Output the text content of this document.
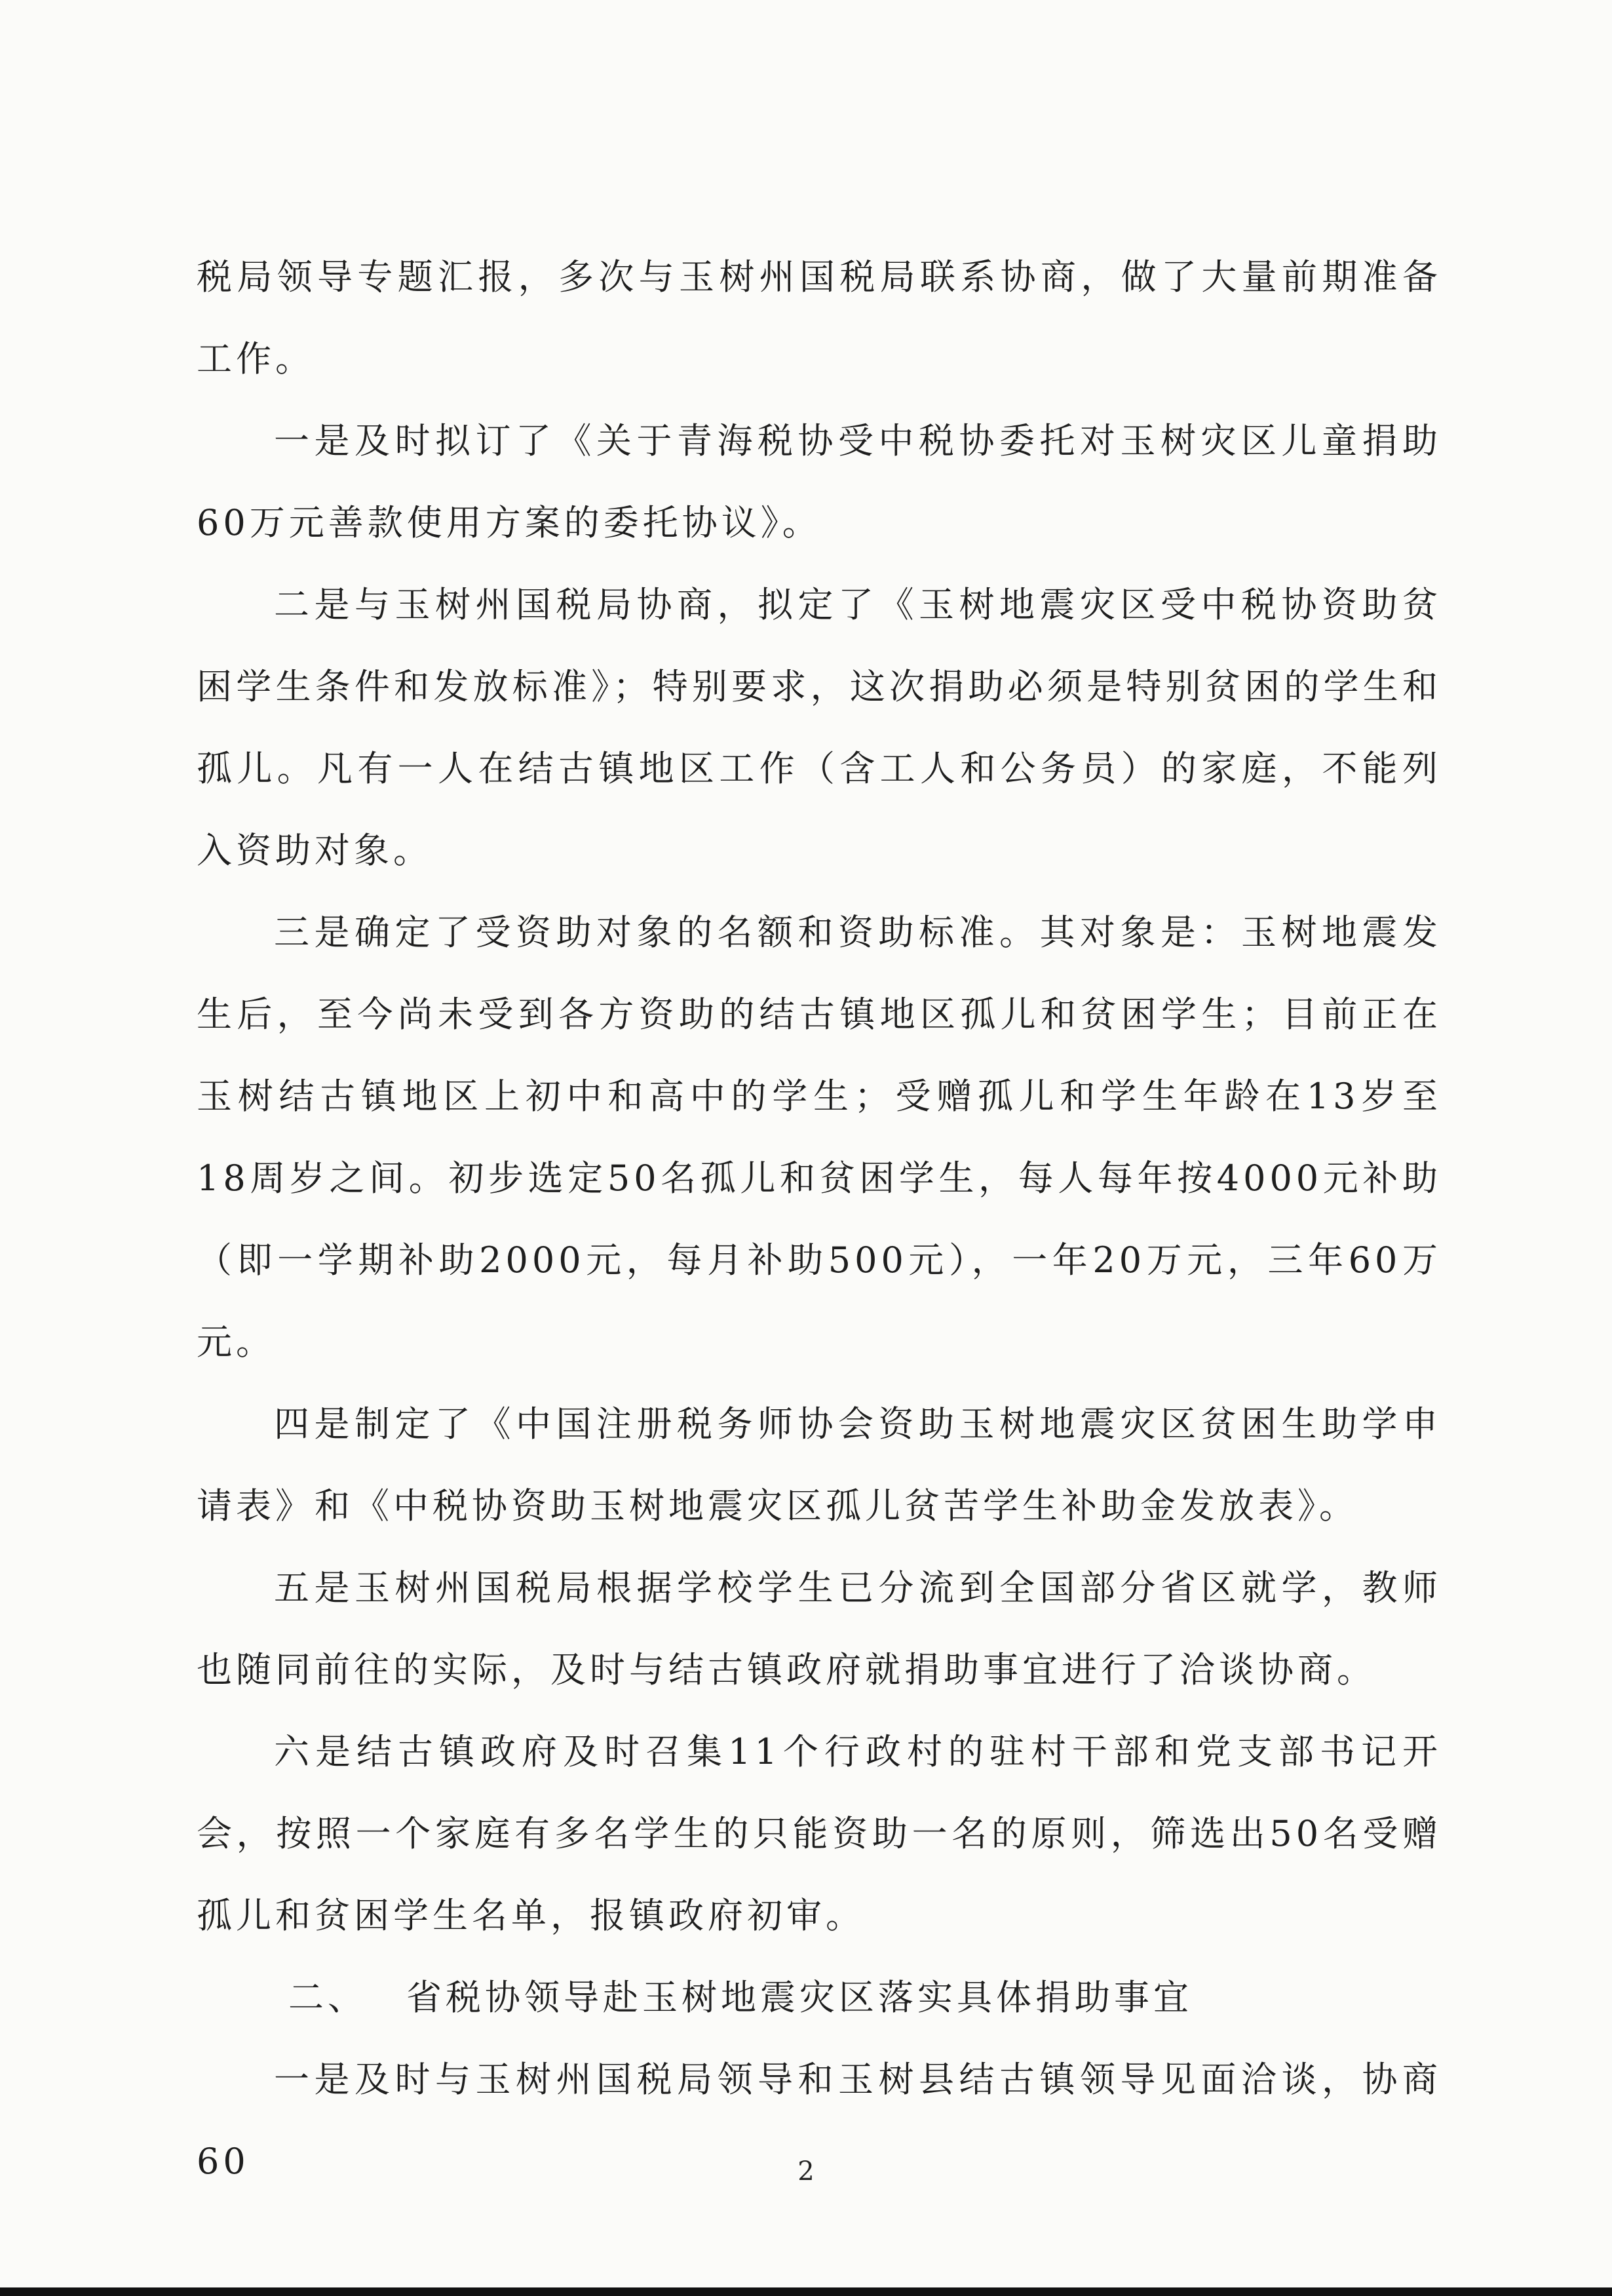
税局领导专题汇报，多次与玉树州国税局联系协商，做了大量前期准备工作。

一是及时拟订了《关于青海税协受中税协委托对玉树灾区儿童捐助60万元善款使用方案的委托协议》。

二是与玉树州国税局协商，拟定了《玉树地震灾区受中税协资助贫困学生条件和发放标准》；特别要求，这次捐助必须是特别贫困的学生和孤儿。凡有一人在结古镇地区工作（含工人和公务员）的家庭，不能列入资助对象。

三是确定了受资助对象的名额和资助标准。其对象是：玉树地震发生后，至今尚未受到各方资助的结古镇地区孤儿和贫困学生；目前正在玉树结古镇地区上初中和高中的学生；受赠孤儿和学生年龄在13岁至18周岁之间。初步选定50名孤儿和贫困学生，每人每年按4000元补助（即一学期补助2000元，每月补助500元），一年20万元，三年60万元。

四是制定了《中国注册税务师协会资助玉树地震灾区贫困生助学申请表》和《中税协资助玉树地震灾区孤儿贫苦学生补助金发放表》。

五是玉树州国税局根据学校学生已分流到全国部分省区就学，教师也随同前往的实际，及时与结古镇政府就捐助事宜进行了洽谈协商。

六是结古镇政府及时召集11个行政村的驻村干部和党支部书记开会，按照一个家庭有多名学生的只能资助一名的原则，筛选出50名受赠孤儿和贫困学生名单，报镇政府初审。

二、 省税协领导赴玉树地震灾区落实具体捐助事宜

一是及时与玉树州国税局领导和玉树县结古镇领导见面洽谈，协商60	2
